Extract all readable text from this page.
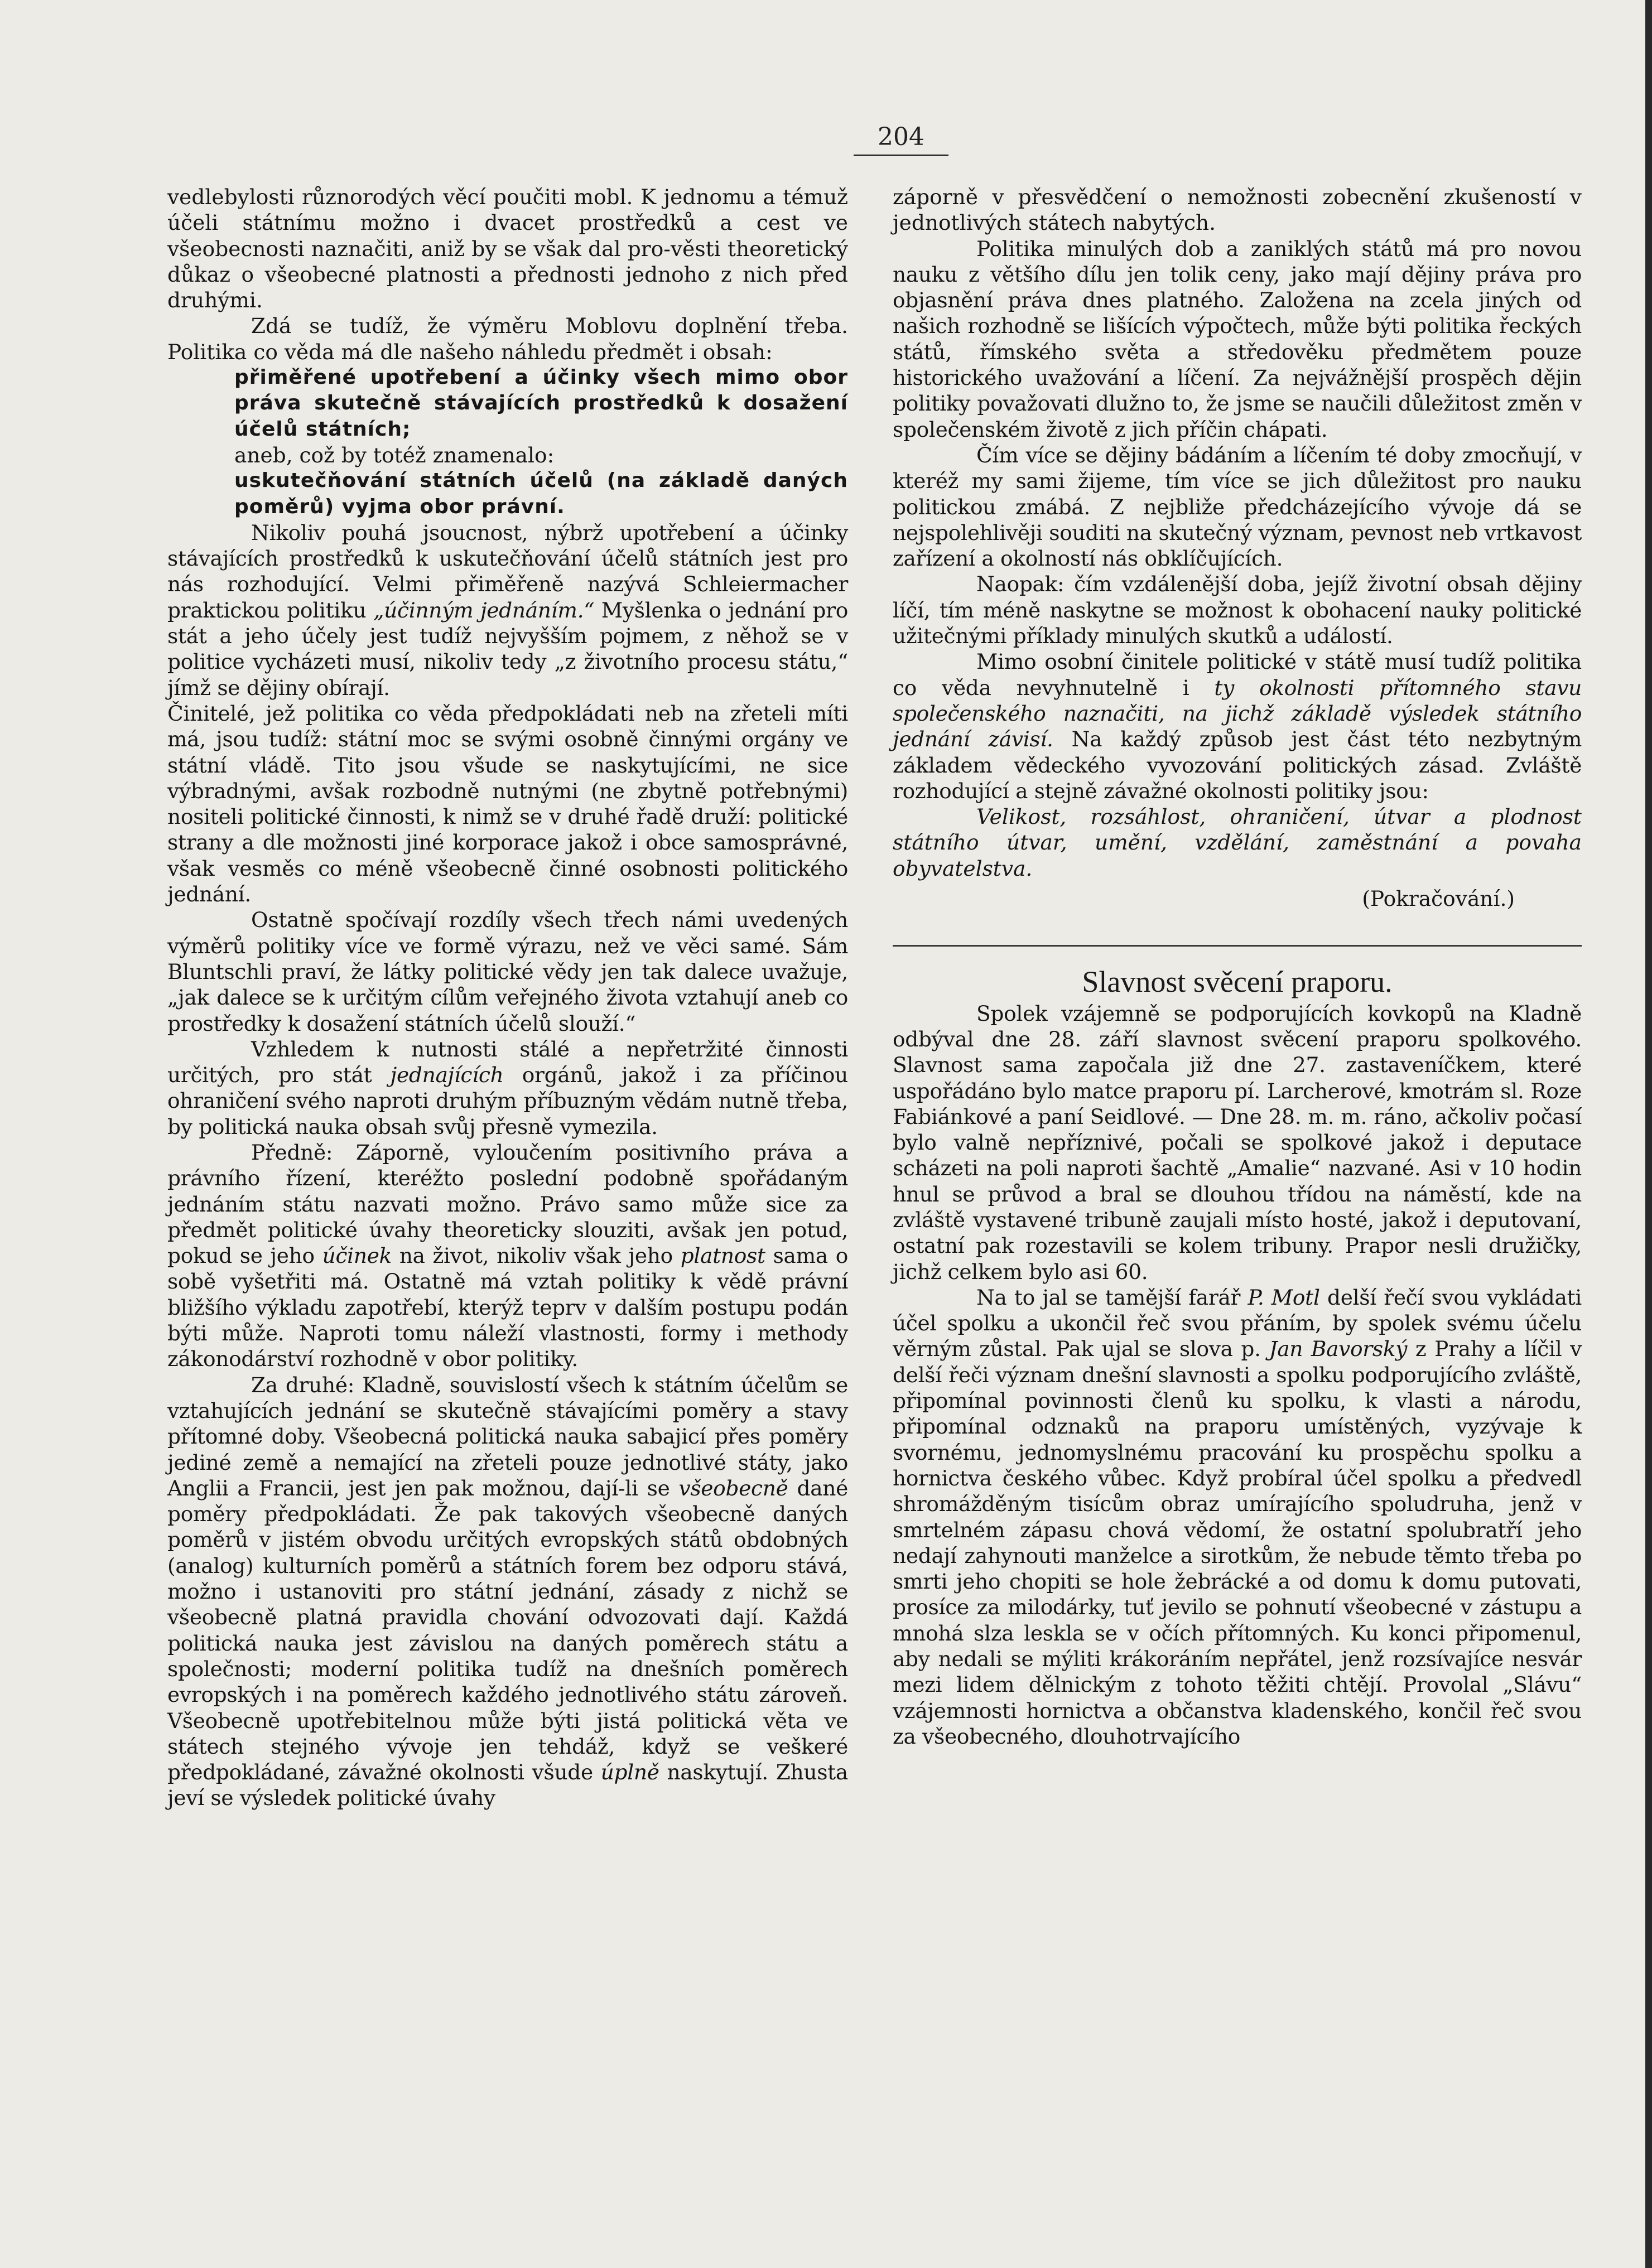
204

vedlebylosti různorodých věcí poučiti mobl. K jednomu a témuž účeli státnímu možno i dvacet prostředků a cest ve všeobecnosti naznačiti, aniž by se však dal pro-věsti theoretický důkaz o všeobecné platnosti a přednosti jednoho z nich před druhými.

Zdá se tudíž, že výměru Moblovu doplnění třeba. Politika co věda má dle našeho náhledu předmět i obsah:

přiměřené upotřebení a účinky všech mimo obor práva skutečně stávajících prostředků k dosažení účelů státních;

aneb, což by totéž znamenalo:

uskutečňování státních účelů (na základě daných poměrů) vyjma obor právní.

Nikoliv pouhá jsoucnost, nýbrž upotřebení a účinky stávajících prostředků k uskutečňování účelů státních jest pro nás rozhodující. Velmi přiměřeně nazývá Schleiermacher praktickou politiku „účinným jednáním.“ Myšlenka o jednání pro stát a jeho účely jest tudíž nejvyšším pojmem, z něhož se v politice vycházeti musí, nikoliv tedy „z životního procesu státu,“ jímž se dějiny obírají.

Činitelé, jež politika co věda předpokládati neb na zřeteli míti má, jsou tudíž: státní moc se svými osobně činnými orgány ve státní vládě. Tito jsou všude se naskytujícími, ne sice výbradnými, avšak rozbodně nutnými (ne zbytně potřebnými) nositeli politické činnosti, k nimž se v druhé řadě druží: politické strany a dle možnosti jiné korporace jakož i obce samosprávné, však vesměs co méně všeobecně činné osobnosti politického jednání.

Ostatně spočívají rozdíly všech třech námi uvedených výměrů politiky více ve formě výrazu, než ve věci samé. Sám Bluntschli praví, že látky politické vědy jen tak dalece uvažuje, „jak dalece se k určitým cílům veřejného života vztahují aneb co prostředky k dosažení státních účelů slouží.“

Vzhledem k nutnosti stálé a nepřetržité činnosti určitých, pro stát jednajících orgánů, jakož i za příčinou ohraničení svého naproti druhým příbuzným vědám nutně třeba, by politická nauka obsah svůj přesně vymezila.

Předně: Záporně, vyloučením positivního práva a právního řízení, kteréžto poslední podobně spořádaným jednáním státu nazvati možno. Právo samo může sice za předmět politické úvahy theoreticky slouziti, avšak jen potud, pokud se jeho účinek na život, nikoliv však jeho platnost sama o sobě vyšetřiti má. Ostatně má vztah politiky k vědě právní bližšího výkladu zapotřebí, kterýž teprv v dalším postupu podán býti může. Naproti tomu náleží vlastnosti, formy i methody zákonodárství rozhodně v obor politiky.

Za druhé: Kladně, souvislostí všech k státním účelům se vztahujících jednání se skutečně stávajícími poměry a stavy přítomné doby. Všeobecná politická nauka sabajicí přes poměry jediné země a nemající na zřeteli pouze jednotlivé státy, jako Anglii a Francii, jest jen pak možnou, dají-li se všeobecně dané poměry předpokládati. Že pak takových všeobecně daných poměrů v jistém obvodu určitých evropských států obdobných (analog) kulturních poměrů a státních forem bez odporu stává, možno i ustanoviti pro státní jednání, zásady z nichž se všeobecně platná pravidla chování odvozovati dají. Každá politická nauka jest závislou na daných poměrech státu a společnosti; moderní politika tudíž na dnešních poměrech evropských i na poměrech každého jednotlivého státu zároveň. Všeobecně upotřebitelnou může býti jistá politická věta ve státech stejného vývoje jen tehdáž, když se veškeré předpokládané, závažné okolnosti všude úplně naskytují. Zhusta jeví se výsledek politické úvahy

záporně v přesvědčení o nemožnosti zobecnění zkušeností v jednotlivých státech nabytých.

Politika minulých dob a zaniklých států má pro novou nauku z většího dílu jen tolik ceny, jako mají dějiny práva pro objasnění práva dnes platného. Založena na zcela jiných od našich rozhodně se lišících výpočtech, může býti politika řeckých států, římského světa a středověku předmětem pouze historického uvažování a líčení. Za nejvážnější prospěch dějin politiky považovati dlužno to, že jsme se naučili důležitost změn v společenském životě z jich příčin chápati.

Čím více se dějiny bádáním a líčením té doby zmocňují, v kteréž my sami žijeme, tím více se jich důležitost pro nauku politickou zmábá. Z nejbliže předcházejícího vývoje dá se nejspolehlivěji souditi na skutečný význam, pevnost neb vrtkavost zařízení a okolností nás obklíčujících.

Naopak: čím vzdálenější doba, jejíž životní obsah dějiny líčí, tím méně naskytne se možnost k obohacení nauky politické užitečnými příklady minulých skutků a událostí.

Mimo osobní činitele politické v státě musí tudíž politika co věda nevyhnutelně i ty okolnosti přítomného stavu společenského naznačiti, na jichž základě výsledek státního jednání závisí. Na každý způsob jest část této nezbytným základem vědeckého vyvozování politických zásad. Zvláště rozhodující a stejně závažné okolnosti politiky jsou:

Velikost, rozsáhlost, ohraničení, útvar a plodnost státního útvar, umění, vzdělání, zaměstnání a povaha obyvatelstva.

(Pokračování.)

Slavnost svěcení praporu.

Spolek vzájemně se podporujících kovkopů na Kladně odbýval dne 28. září slavnost svěcení praporu spolkového. Slavnost sama započala již dne 27. zastaveníčkem, které uspořádáno bylo matce praporu pí. Larcherové, kmotrám sl. Roze Fabiánkové a paní Seidlové. — Dne 28. m. m. ráno, ačkoliv počasí bylo valně nepříznivé, počali se spolkové jakož i deputace scházeti na poli naproti šachtě „Amalie“ nazvané. Asi v 10 hodin hnul se průvod a bral se dlouhou třídou na náměstí, kde na zvláště vystavené tribuně zaujali místo hosté, jakož i deputovaní, ostatní pak rozestavili se kolem tribuny. Prapor nesli družičky, jichž celkem bylo asi 60.

Na to jal se tamější farář P. Motl delší řečí svou vykládati účel spolku a ukončil řeč svou přáním, by spolek svému účelu věrným zůstal. Pak ujal se slova p. Jan Bavorský z Prahy a líčil v delší řeči význam dnešní slavnosti a spolku podporujícího zvláště, připomínal povinnosti členů ku spolku, k vlasti a národu, připomínal odznaků na praporu umístěných, vyzývaje k svornému, jednomyslnému pracování ku prospěchu spolku a hornictva českého vůbec. Když probíral účel spolku a předvedl shromážděným tisícům obraz umírajícího spoludruha, jenž v smrtelném zápasu chová vědomí, že ostatní spolubratří jeho nedají zahynouti manželce a sirotkům, že nebude těmto třeba po smrti jeho chopiti se hole žebrácké a od domu k domu putovati, prosíce za milodárky, tuť jevilo se pohnutí všeobecné v zástupu a mnohá slza leskla se v očích přítomných. Ku konci připomenul, aby nedali se mýliti krákoráním nepřátel, jenž rozsívajíce nesvár mezi lidem dělnickým z tohoto těžiti chtějí. Provolal „Slávu“ vzájemnosti hornictva a občanstva kladenského, končil řeč svou za všeobecného, dlouhotrvajícího
